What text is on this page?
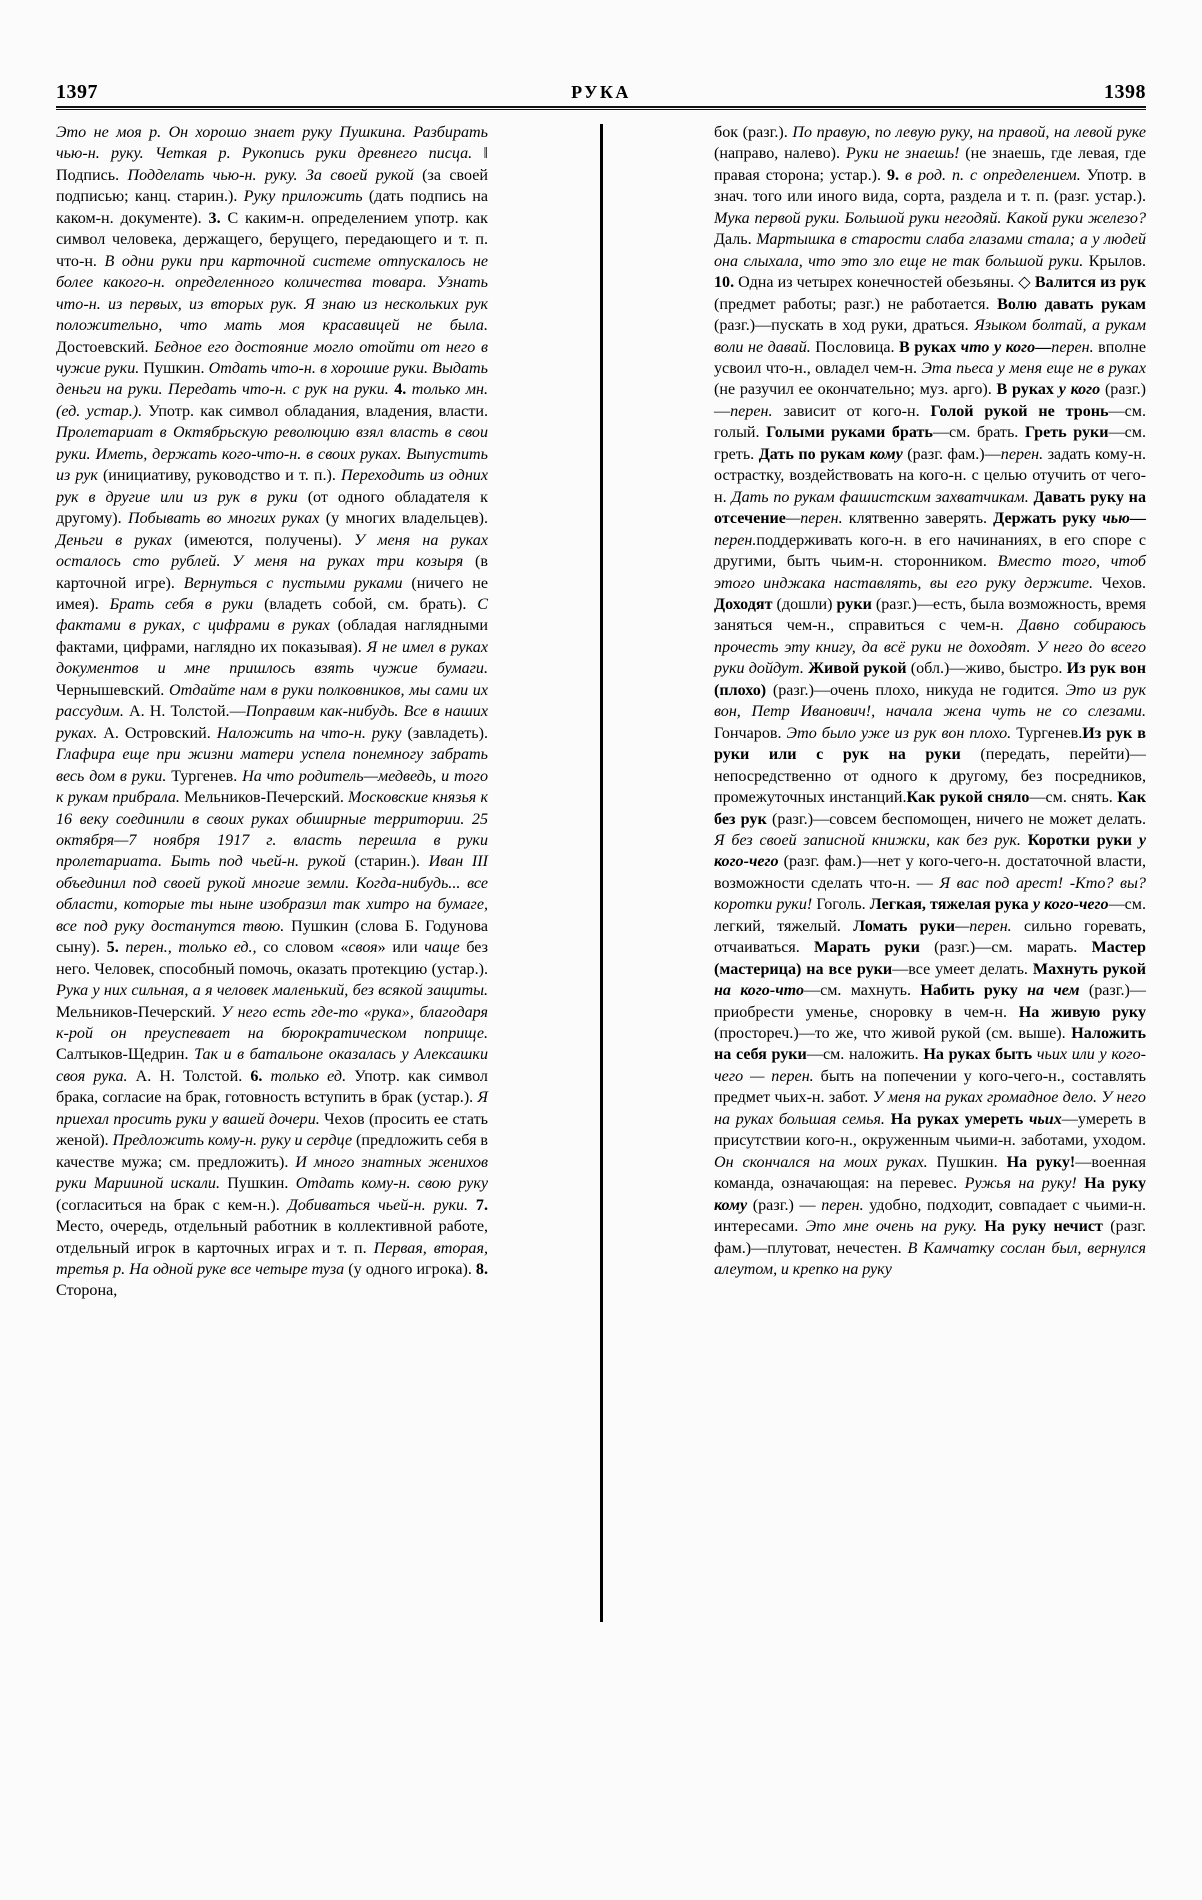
1397	РУКА	1398

Это не моя р. Он хорошо знает руку Пушкина. Разбирать чью-н. руку. Четкая р. Рукопись руки древнего писца. ‖ Подпись. Подделать чью-н. руку. За своей рукой (за своей подписью; канц. старин.). Руку приложить (дать подпись на каком-н. документе). 3. С каким-н. определением употр. как символ человека, держащего, берущего, передающего и т. п. что-н. В одни руки при карточной системе отпускалось не более какого-н. определенного количества товара. Узнать что-н. из первых, из вторых рук. Я знаю из нескольких рук положительно, что мать моя красавицей не была. Достоевский. Бедное его достояние могло отойти от него в чужие руки. Пушкин. Отдать что-н. в хорошие руки. Выдать деньги на руки. Передать что-н. с рук на руки. 4. только мн. (ед. устар.). Употр. как символ обладания, владения, власти. Пролетариат в Октябрьскую революцию взял власть в свои руки. Иметь, держать кого-что-н. в своих руках. Выпустить из рук (инициативу, руководство и т. п.). Переходить из одних рук в другие или из рук в руки (от одного обладателя к другому). Побывать во многих руках (у многих владельцев). Деньги в руках (имеются, получены). У меня на руках осталось сто рублей. У меня на руках три козыря (в карточной игре). Вернуться с пустыми руками (ничего не имея). Брать себя в руки (владеть собой, см. брать). С фактами в руках, с цифрами в руках (обладая наглядными фактами, цифрами, наглядно их показывая). Я не имел в руках документов и мне пришлось взять чужие бумаги. Чернышевский. Отдайте нам в руки полковников, мы сами их рассудим. А. Н. Толстой.—Поправим как-нибудь. Все в наших руках. А. Островский. Наложить на что-н. руку (завладеть). Глафира еще при жизни матери успела понемногу забрать весь дом в руки. Тургенев. На что родитель—медведь, и того к рукам прибрала. Мельников-Печерский. Московские князья к 16 веку соединили в своих руках обширные территории. 25 октября—7 ноября 1917 г. власть перешла в руки пролетариата. Быть под чьей-н. рукой (старин.). Иван III объединил под своей рукой многие земли. Когда-нибудь... все области, которые ты ныне изобразил так хитро на бумаге, все под руку достанутся твою. Пушкин (слова Б. Годунова сыну). 5. перен., только ед., со словом «своя» или чаще без него. Человек, способный помочь, оказать протекцию (устар.). Рука у них сильная, а я человек маленький, без всякой защиты. Мельников-Печерский. У него есть где-то «рука», благодаря к-рой он преуспевает на бюрократическом поприще. Салтыков-Щедрин. Так и в батальоне оказалась у Алексашки своя рука. А. Н. Толстой. 6. только ед. Употр. как символ брака, согласие на брак, готовность вступить в брак (устар.). Я приехал просить руки у вашей дочери. Чехов (просить ее стать женой). Предложить кому-н. руку и сердце (предложить себя в качестве мужа; см. предложить). И много знатных женихов руки Марииной искали. Пушкин. Отдать кому-н. свою руку (согласиться на брак с кем-н.). Добиваться чьей-н. руки. 7. Место, очередь, отдельный работник в коллективной работе, отдельный игрок в карточных играх и т. п. Первая, вторая, третья р. На одной руке все четыре туза (у одного игрока). 8. Сторона,

бок (разг.). По правую, по левую руку, на правой, на левой руке (направо, налево). Руки не знаешь! (не знаешь, где левая, где правая сторона; устар.). 9. в род. п. с определением. Употр. в знач. того или иного вида, сорта, раздела и т. п. (разг. устар.). Мука первой руки. Большой руки негодяй. Какой руки железо? Даль. Мартышка в старости слаба глазами стала; а у людей она слыхала, что это зло еще не так большой руки. Крылов. 10. Одна из четырех конечностей обезьяны. ◇ Валится из рук (предмет работы; разг.) не работается. Волю давать рукам (разг.)—пускать в ход руки, драться. Языком болтай, а рукам воли не давай. Пословица. В руках что у кого—перен. вполне усвоил что-н., овладел чем-н. Эта пьеса у меня еще не в руках (не разучил ее окончательно; муз. арго). В руках у кого (разг.)—перен. зависит от кого-н. Голой рукой не тронь—см. голый. Голыми руками брать—см. брать. Греть руки—см. греть. Дать по рукам кому (разг. фам.)—перен. задать кому-н. острастку, воздействовать на кого-н. с целью отучить от чего-н. Дать по рукам фашистским захватчикам. Давать руку на отсечение—перен. клятвенно заверять. Держать руку чью—перен.поддерживать кого-н. в его начинаниях, в его споре с другими, быть чьим-н. сторонником. Вместо того, чтоб этого инджака наставлять, вы его руку держите. Чехов. Доходят (дошли) руки (разг.)—есть, была возможность, время заняться чем-н., справиться с чем-н. Давно собираюсь прочесть эту книгу, да всё руки не доходят. У него до всего руки дойдут. Живой рукой (обл.)—живо, быстро. Из рук вон (плохо) (разг.)—очень плохо, никуда не годится. Это из рук вон, Петр Иванович!, начала жена чуть не со слезами. Гончаров. Это было уже из рук вон плохо. Тургенев.Из рук в руки или с рук на руки (передать, перейти)—непосредственно от одного к другому, без посредников, промежуточных инстанций.Как рукой сняло—см. снять. Как без рук (разг.)—совсем беспомощен, ничего не может делать. Я без своей записной книжки, как без рук. Коротки руки у кого-чего (разг. фам.)—нет у кого-чего-н. достаточной власти, возможности сделать что-н. — Я вас под арест! -Кто? вы? коротки руки! Гоголь. Легкая, тяжелая рука у кого-чего—см. легкий, тяжелый. Ломать руки—перен. сильно горевать, отчаиваться. Марать руки (разг.)—см. марать. Мастер (мастерица) на все руки—все умеет делать. Махнуть рукой на кого-что—см. махнуть. Набить руку на чем (разг.)—приобрести уменье, сноровку в чем-н. На живую руку (простореч.)—то же, что живой рукой (см. выше). Наложить на себя руки—см. наложить. На руках быть чьих или у кого-чего — перен. быть на попечении у кого-чего-н., составлять предмет чьих-н. забот. У меня на руках громадное дело. У него на руках большая семья. На руках умереть чьих—умереть в присутствии кого-н., окруженным чьими-н. заботами, уходом. Он скончался на моих руках. Пушкин. На руку!—военная команда, означающая: на перевес. Ружья на руку! На руку кому (разг.) — перен. удобно, подходит, совпадает с чьими-н. интересами. Это мне очень на руку. На руку нечист (разг. фам.)—плутоват, нечестен. В Камчатку сослан был, вернулся алеутом, и крепко на руку
